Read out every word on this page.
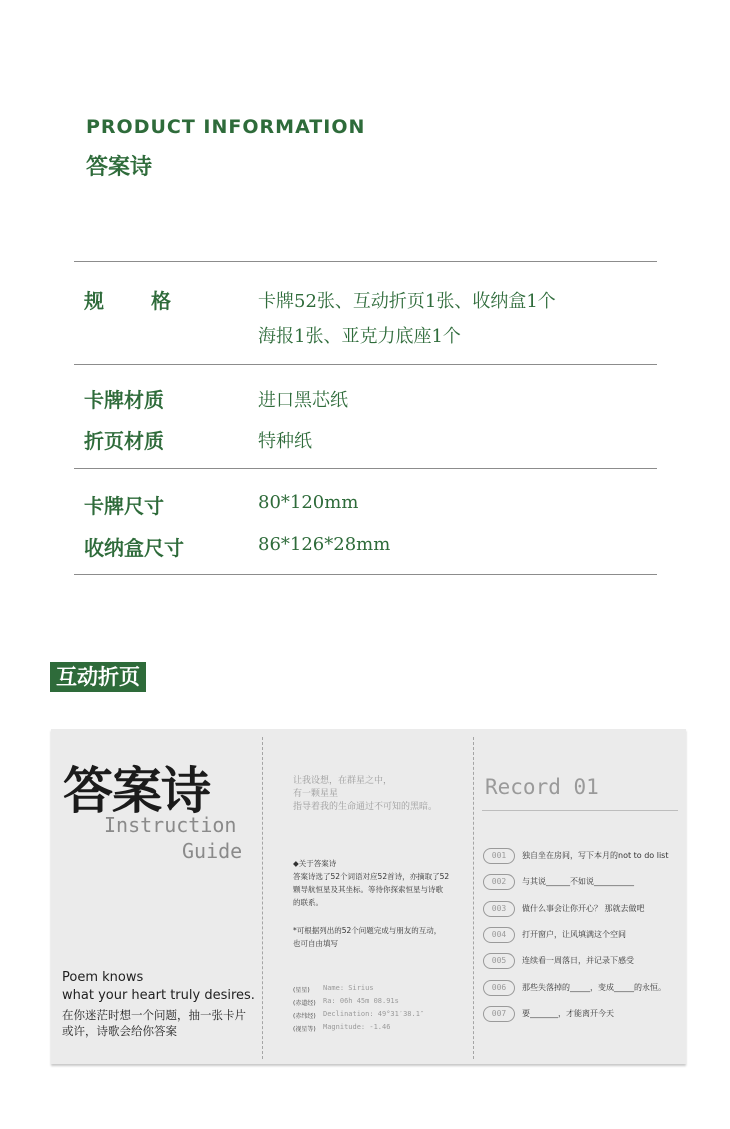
PRODUCT INFORMATION
答案诗
规格 卡牌52张、互动折页1张、收纳盒1个
海报1张、亚克力底座1个
卡牌材质	进口黑芯纸
折页材质	特种纸
卡牌尺寸	80*120mm
收纳盒尺寸	86*126*28mm
互动折页
答案诗
Instruction
Guide
Poem knows
what your heart truly desires.
在你迷茫时想一个问题，抽一张卡片
或许，诗歌会给你答案
让我设想，在群星之中，
有一颗星星
指导着我的生命通过不可知的黑暗。
◆关于答案诗
答案诗选了52个词语对应52首诗，亦摘取了52
颗导航恒星及其坐标。等待你探索恒星与诗歌
的联系。
*可根据列出的52个问题完成与朋友的互动，
也可自由填写
(星星) Name: Sirius
(赤道经) Ra: 06h 45m 08.91s
(赤纬经) Declination: 49°31′38.1″
(视星等) Magnitude: -1.46
Record 01
001	独自坐在房间，写下本月的not to do list
002	与其说______不如说__________
003	做什么事会让你开心？ 那就去做吧
004	打开窗户，让风填满这个空间
005	连续看一周落日，并记录下感受
006	那些失落掉的_____，变成_____的永恒。
007	要_______，才能离开今天
